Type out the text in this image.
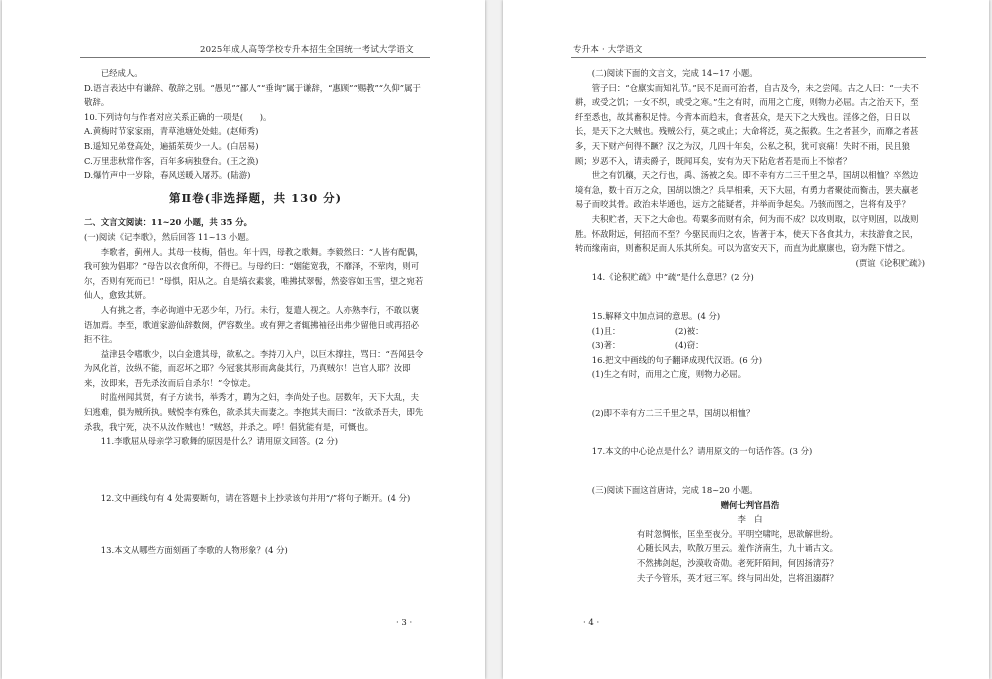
2025年成人高等学校专升本招生全国统一考试大学语文

已经成人。

D.语言表达中有谦辞、敬辞之别。“愚见”“鄙人”“垂询”属于谦辞，“惠顾”“赐教”“久仰”属于敬辞。

10.下列诗句与作者对应关系正确的一项是(　　)。

A.黄梅时节家家雨，青草池塘处处蛙。(赵师秀)

B.遥知兄弟登高处，遍插茱萸少一人。(白居易)

C.万里悲秋常作客，百年多病独登台。(王之涣)

D.爆竹声中一岁除，春风送暖入屠苏。(陆游)

第Ⅱ卷(非选择题，共 130 分)

二、文言文阅读：11~20 小题，共 35 分。

(一)阅读《记李歌》，然后回答 11~13 小题。

李歌者，蓟州人。其母一枝梅，倡也。年十四，母教之歌舞。李毅然曰：“人皆有配偶，我可独为倡耶？”母告以衣食所仰，不得已。与母约曰：“姻能宽我，不靡泽，不荤肉，则可尔，否则有死而已！”母惧，阳从之。自是缟衣素裳，唯拂拭翠髻，然姿容如玉雪，望之宛若仙人，愈致其妍。

人有挑之者，李必询道中无恶少年，乃行。未行，复遣人视之。人亦熟李行，不敢以褒语加焉。李至，歌道家游仙辞数阕，俨容数坐。或有狎之者辄拂袖径出弗少留他日或再招必拒不往。

益津县令嗜歌少，以白金遗其母，欲私之。李持刀入户，以巨木撑拄，骂曰：“吾闻县令为风化首，汝纵不能，而忍坏之耶？今冠裳其形而禽彘其行，乃真贼尔！岂官人耶？汝即来，汝即来，吾先杀汝而后自杀尔！”令惊走。

时监州闻其贤，有子方读书，举秀才，聘为之妇，李尚处子也。居数年，天下大乱，夫妇逃难，俱为贼所执。贼悦李有殊色，欲杀其夫而妻之。李抱其夫而曰：“汝欲杀吾夫，即先杀我，我宁死，决不从汝作贼也！”贼怒，并杀之。呼！倡犹能有是，可慨也。

11.李歌屈从母亲学习歌舞的原因是什么？请用原文回答。(2 分)

12.文中画线句有 4 处需要断句，请在答题卡上抄录该句并用“/”将句子断开。(4 分)

13.本文从哪些方面刻画了李歌的人物形象？(4 分)

· 3 ·
专升本 · 大学语文

(二)阅读下面的文言文，完成 14~17 小题。

管子曰：“仓廪实而知礼节。”民不足而可治者，自古及今，未之尝闻。古之人曰：“一夫不耕，或受之饥；一女不织，或受之寒。”生之有时，而用之亡度，则物力必屈。古之治天下，至纤至悉也，故其畜积足恃。今背本而趋末，食者甚众，是天下之大残也。淫侈之俗，日日以长，是天下之大贼也。残贼公行，莫之或止；大命将泛，莫之振救。生之者甚少，而靡之者甚多，天下财产何得不蹶？汉之为汉，几四十年矣，公私之积，犹可哀痛！失时不雨，民且狼顾；岁恶不入，请卖爵子，既闻耳矣，安有为天下阽危者若是而上不惊者？

世之有饥穰，天之行也，禹、汤被之矣。即不幸有方二三千里之旱，国胡以相恤？卒然边境有急，数十百万之众，国胡以馈之？兵旱相乘，天下大屈，有勇力者聚徒而衡击，罢夫羸老易子而咬其骨。政治未毕通也，远方之能疑者，并举而争起矣。乃骇而图之，岂将有及乎？

夫积贮者，天下之大命也。苟粟多而财有余，何为而不成？以攻则取，以守则固，以战则胜。怀敌附远，何招而不至？今驱民而归之农，皆著于本，使天下各食其力，末技游食之民，转而缘南亩，则畜积足而人乐其所矣。可以为富安天下，而直为此廪廪也，窃为陛下惜之。

(贾谊《论积贮疏》)

14.《论积贮疏》中“疏”是什么意思？(2 分)

15.解释文中加点词的意思。(4 分)

(1)且：　　　　　　　(2)被：

(3)著：　　　　　　　(4)窃：

16.把文中画线的句子翻译成现代汉语。(6 分)

(1)生之有时，而用之亡度，则物力必屈。

(2)即不幸有方二三千里之旱，国胡以相恤？

17.本文的中心论点是什么？请用原文的一句话作答。(3 分)

(三)阅读下面这首唐诗，完成 18~20 小题。

赠何七判官昌浩

李　白

有时忽惆怅，匡坐至夜分。平明空啸咤，思欲解世纷。

心随长风去，吹散万里云。羞作济南生，九十诵古文。

不然拂剑起，沙漠收奇勋。老死阡陌间，何因扬清芬？

夫子今管乐，英才冠三军。终与同出处，岂将沮溺群？

· 4 ·
